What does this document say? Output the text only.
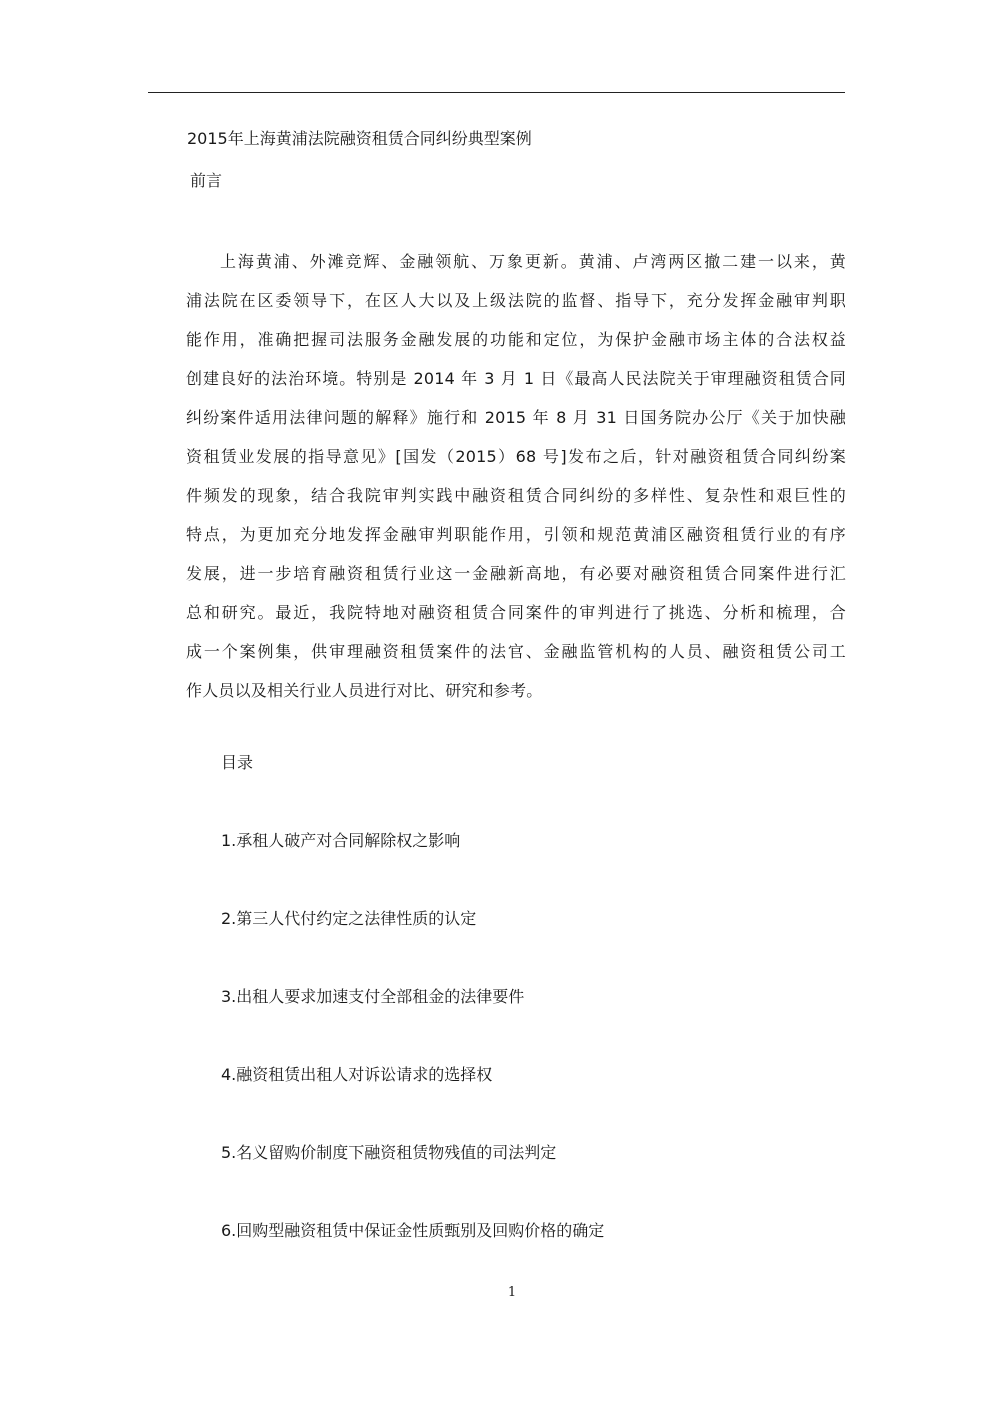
2015年上海黄浦法院融资租赁合同纠纷典型案例
前言
上海黄浦、外滩竞辉、金融领航、万象更新。黄浦、卢湾两区撤二建一以来，黄
浦法院在区委领导下，在区人大以及上级法院的监督、指导下，充分发挥金融审判职
能作用，准确把握司法服务金融发展的功能和定位，为保护金融市场主体的合法权益
创建良好的法治环境。特别是 2014 年 3 月 1 日《最高人民法院关于审理融资租赁合同
纠纷案件适用法律问题的解释》施行和 2015 年 8 月 31 日国务院办公厅《关于加快融
资租赁业发展的指导意见》[国发（2015）68 号]发布之后，针对融资租赁合同纠纷案
件频发的现象，结合我院审判实践中融资租赁合同纠纷的多样性、复杂性和艰巨性的
特点，为更加充分地发挥金融审判职能作用，引领和规范黄浦区融资租赁行业的有序
发展，进一步培育融资租赁行业这一金融新高地，有必要对融资租赁合同案件进行汇
总和研究。最近，我院特地对融资租赁合同案件的审判进行了挑选、分析和梳理，合
成一个案例集，供审理融资租赁案件的法官、金融监管机构的人员、融资租赁公司工
作人员以及相关行业人员进行对比、研究和参考。
目录
1.承租人破产对合同解除权之影响
2.第三人代付约定之法律性质的认定
3.出租人要求加速支付全部租金的法律要件
4.融资租赁出租人对诉讼请求的选择权
5.名义留购价制度下融资租赁物残值的司法判定
6.回购型融资租赁中保证金性质甄别及回购价格的确定
1
